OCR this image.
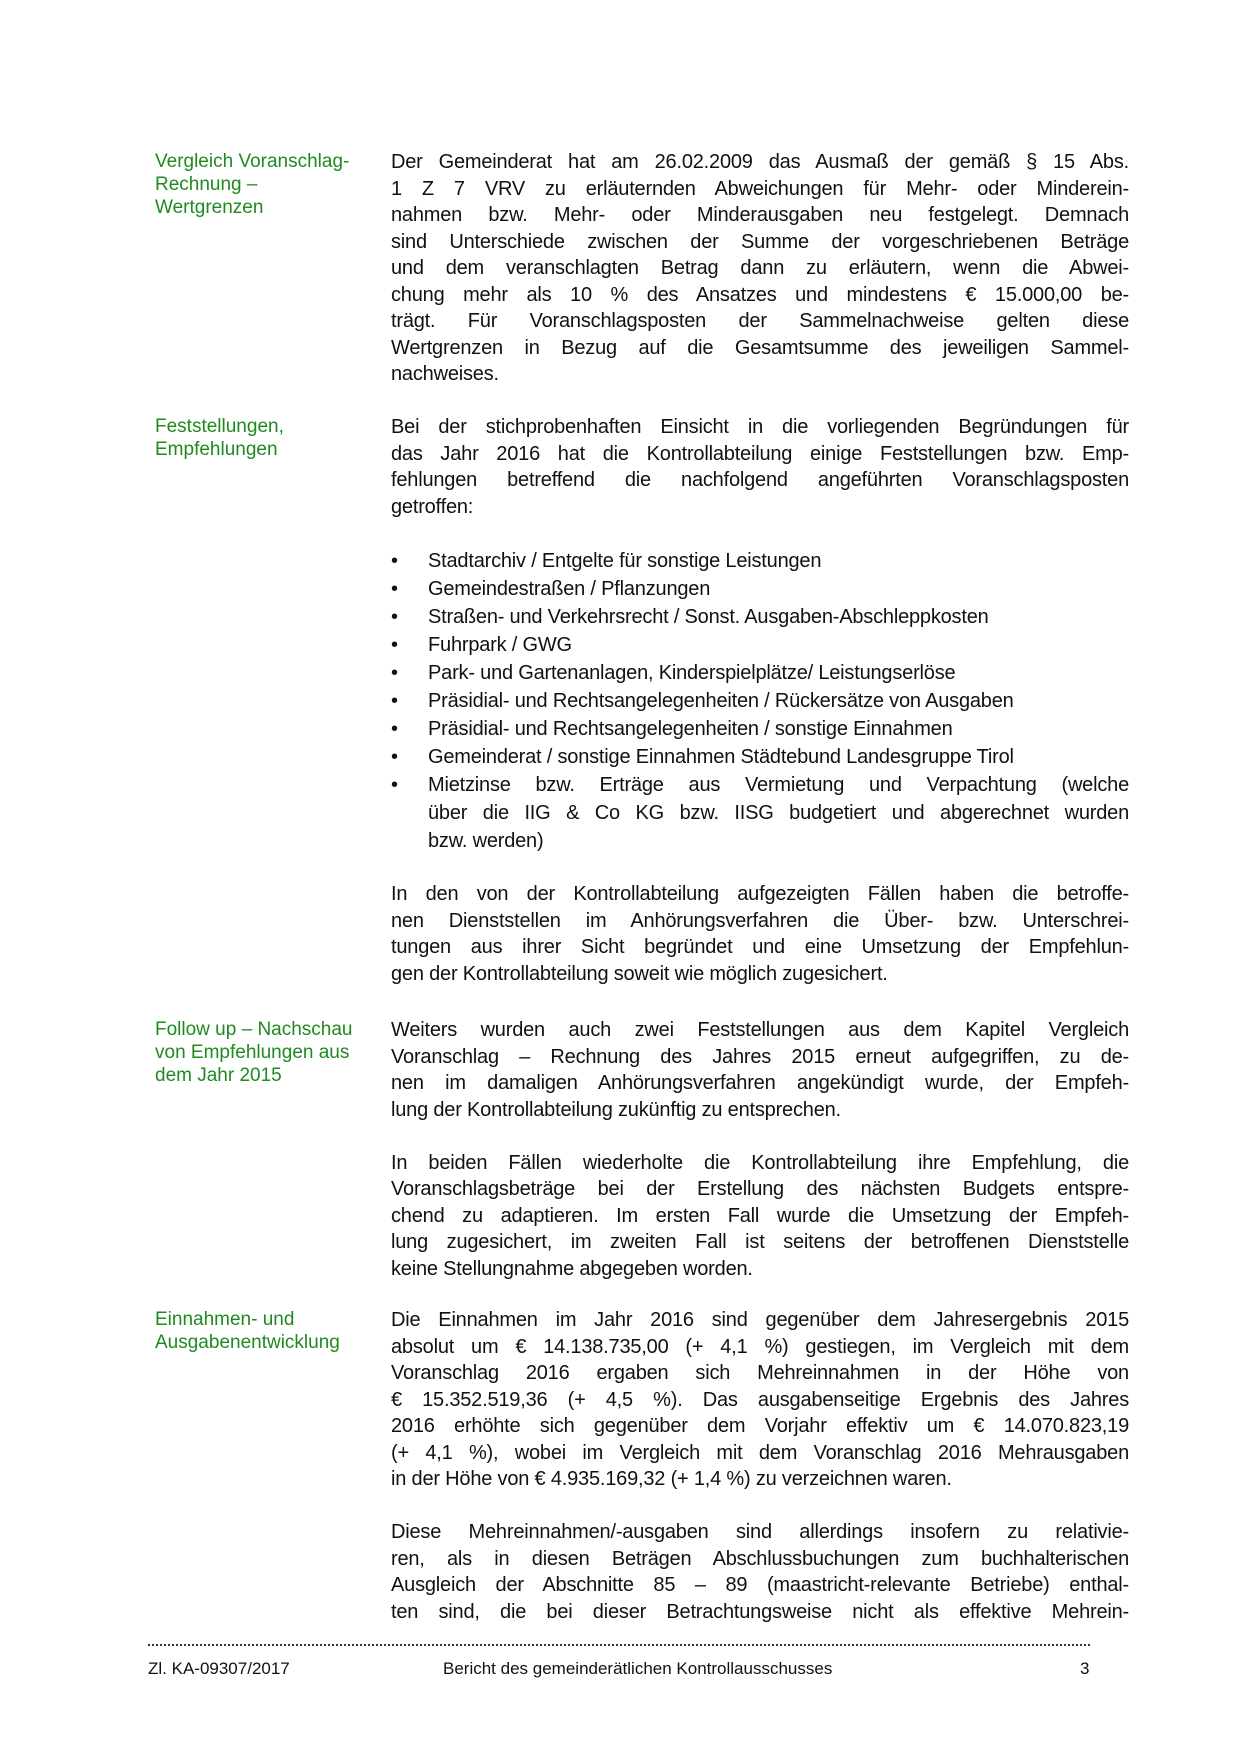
Vergleich Voranschlag-
Rechnung –
Wertgrenzen
Der Gemeinderat hat am 26.02.2009 das Ausmaß der gemäß § 15 Abs.
1 Z 7 VRV zu erläuternden Abweichungen für Mehr- oder Minderein-
nahmen bzw. Mehr- oder Minderausgaben neu festgelegt. Demnach
sind Unterschiede zwischen der Summe der vorgeschriebenen Beträge
und dem veranschlagten Betrag dann zu erläutern, wenn die Abwei-
chung mehr als 10 % des Ansatzes und mindestens € 15.000,00 be-
trägt. Für Voranschlagsposten der Sammelnachweise gelten diese
Wertgrenzen in Bezug auf die Gesamtsumme des jeweiligen Sammel-
nachweises.
Feststellungen,
Empfehlungen
Bei der stichprobenhaften Einsicht in die vorliegenden Begründungen für
das Jahr 2016 hat die Kontrollabteilung einige Feststellungen bzw. Emp-
fehlungen betreffend die nachfolgend angeführten Voranschlagsposten
getroffen:
• Stadtarchiv / Entgelte für sonstige Leistungen
• Gemeindestraßen / Pflanzungen
• Straßen- und Verkehrsrecht / Sonst. Ausgaben-Abschleppkosten
• Fuhrpark / GWG
• Park- und Gartenanlagen, Kinderspielplätze/ Leistungserlöse
• Präsidial- und Rechtsangelegenheiten / Rückersätze von Ausgaben
• Präsidial- und Rechtsangelegenheiten / sonstige Einnahmen
• Gemeinderat / sonstige Einnahmen Städtebund Landesgruppe Tirol
• Mietzinse bzw. Erträge aus Vermietung und Verpachtung (welche
über die IIG & Co KG bzw. IISG budgetiert und abgerechnet wurden
bzw. werden)
In den von der Kontrollabteilung aufgezeigten Fällen haben die betroffe-
nen Dienststellen im Anhörungsverfahren die Über- bzw. Unterschrei-
tungen aus ihrer Sicht begründet und eine Umsetzung der Empfehlun-
gen der Kontrollabteilung soweit wie möglich zugesichert.
Follow up – Nachschau
von Empfehlungen aus
dem Jahr 2015
Weiters wurden auch zwei Feststellungen aus dem Kapitel Vergleich
Voranschlag – Rechnung des Jahres 2015 erneut aufgegriffen, zu de-
nen im damaligen Anhörungsverfahren angekündigt wurde, der Empfeh-
lung der Kontrollabteilung zukünftig zu entsprechen.
In beiden Fällen wiederholte die Kontrollabteilung ihre Empfehlung, die
Voranschlagsbeträge bei der Erstellung des nächsten Budgets entspre-
chend zu adaptieren. Im ersten Fall wurde die Umsetzung der Empfeh-
lung zugesichert, im zweiten Fall ist seitens der betroffenen Dienststelle
keine Stellungnahme abgegeben worden.
Einnahmen- und
Ausgabenentwicklung
Die Einnahmen im Jahr 2016 sind gegenüber dem Jahresergebnis 2015
absolut um € 14.138.735,00 (+ 4,1 %) gestiegen, im Vergleich mit dem
Voranschlag 2016 ergaben sich Mehreinnahmen in der Höhe von
€ 15.352.519,36 (+ 4,5 %). Das ausgabenseitige Ergebnis des Jahres
2016 erhöhte sich gegenüber dem Vorjahr effektiv um € 14.070.823,19
(+ 4,1 %), wobei im Vergleich mit dem Voranschlag 2016 Mehrausgaben
in der Höhe von € 4.935.169,32 (+ 1,4 %) zu verzeichnen waren.
Diese Mehreinnahmen/-ausgaben sind allerdings insofern zu relativie-
ren, als in diesen Beträgen Abschlussbuchungen zum buchhalterischen
Ausgleich der Abschnitte 85 – 89 (maastricht-relevante Betriebe) enthal-
ten sind, die bei dieser Betrachtungsweise nicht als effektive Mehrein-
Zl. KA-09307/2017	Bericht des gemeinderätlichen Kontrollausschusses	3
